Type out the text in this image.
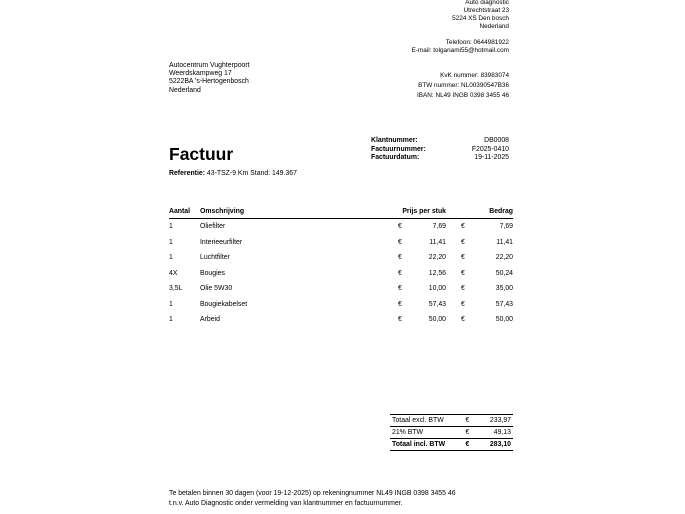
Auto diagnostic
Utrechtstraat 23
5224 XS Den bosch
Nederland
Telefoon: 0644981922
E-mail: tolganami55@hotmail.com
Autocentrum Vughterpoort
Weerdskampweg 17
5222BA 's-Hertogenbosch
Nederland
KvK nummer: 83983074
BTW nummer: NL00390547B36
IBAN: NL49 INGB 0398 3455 46
Klantnummer:	DB0008
Factuurnummer:	F2025-0410
Factuurdatum:	19-11-2025
Factuur
Referentie: 43-TSZ-9 Km Stand: 149.367
Aantal	Omschrijving	Prijs per stuk		Bedrag	
1	Oliefilter	€	7,69	€	7,69
1	Interieeurfilter	€	11,41	€	11,41
1	Luchtfilter	€	22,20	€	22,20
4X	Bougies	€	12,56	€	50,24
3,5L	Olie 5W30	€	10,00	€	35,00
1	Bougiekabelset	€	57,43	€	57,43
1	Arbeid	€	50,00	€	50,00
Totaal excl. BTW	€	233,97
21% BTW	€	49,13
Totaal incl. BTW	€	283,10
Te betalen binnen 30 dagen (voor 19-12-2025) op rekeningnummer NL49 INGB 0398 3455 46
t.n.v. Auto Diagnostic onder vermelding van klantnummer en factuurnummer.
